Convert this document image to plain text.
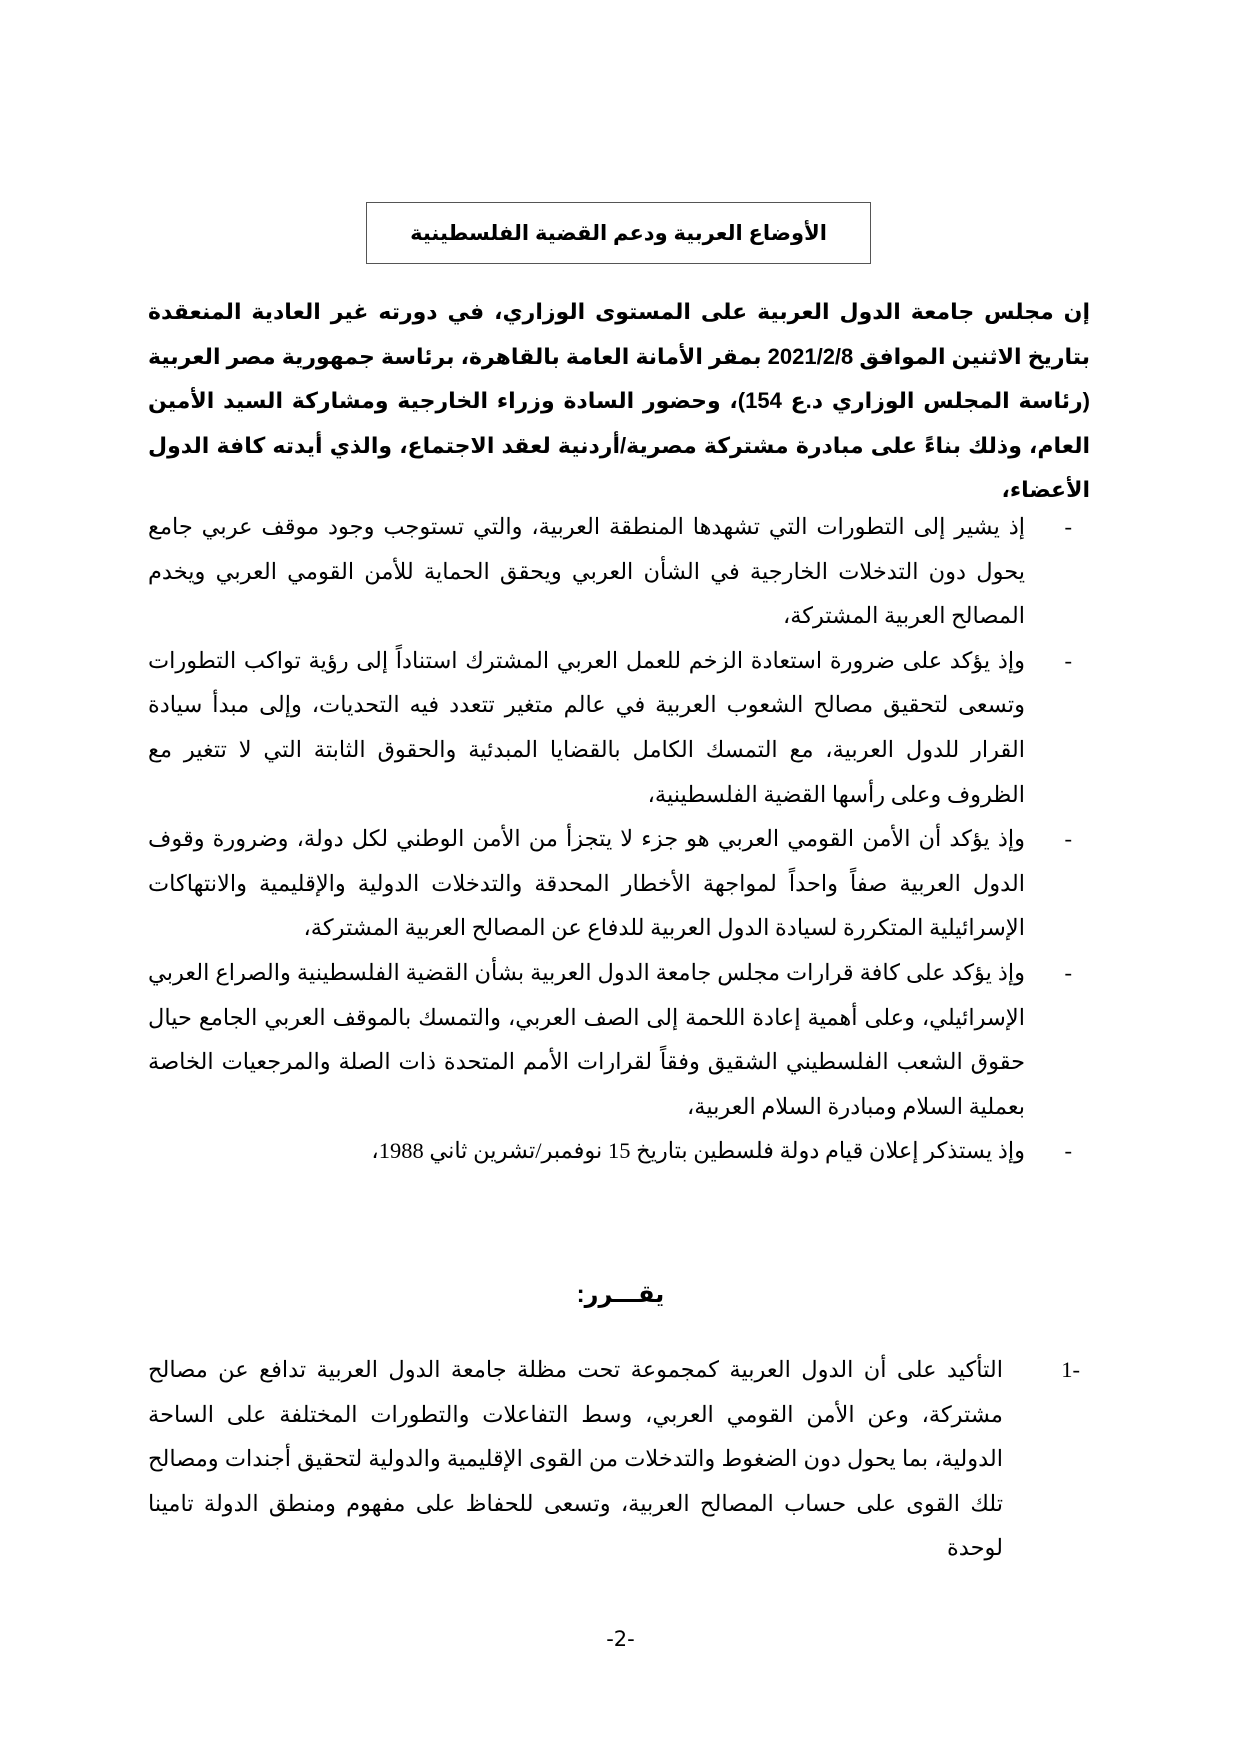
الأوضاع العربية ودعم القضية الفلسطينية
إن مجلس جامعة الدول العربية على المستوى الوزاري، في دورته غير العادية المنعقدة بتاريخ الاثنين الموافق 2021/2/8 بمقر الأمانة العامة بالقاهرة، برئاسة جمهورية مصر العربية (رئاسة المجلس الوزاري د.ع 154)، وحضور السادة وزراء الخارجية ومشاركة السيد الأمين العام، وذلك بناءً على مبادرة مشتركة مصرية/أردنية لعقد الاجتماع، والذي أيدته كافة الدول الأعضاء،
-
إذ يشير إلى التطورات التي تشهدها المنطقة العربية، والتي تستوجب وجود موقف عربي جامع يحول دون التدخلات الخارجية في الشأن العربي ويحقق الحماية للأمن القومي العربي ويخدم المصالح العربية المشتركة،
-
وإذ يؤكد على ضرورة استعادة الزخم للعمل العربي المشترك استناداً إلى رؤية تواكب التطورات وتسعى لتحقيق مصالح الشعوب العربية في عالم متغير تتعدد فيه التحديات، وإلى مبدأ سيادة القرار للدول العربية، مع التمسك الكامل بالقضايا المبدئية والحقوق الثابتة التي لا تتغير مع الظروف وعلى رأسها القضية الفلسطينية،
-
وإذ يؤكد أن الأمن القومي العربي هو جزء لا يتجزأ من الأمن الوطني لكل دولة، وضرورة وقوف الدول العربية صفاً واحداً لمواجهة الأخطار المحدقة والتدخلات الدولية والإقليمية والانتهاكات الإسرائيلية المتكررة لسيادة الدول العربية للدفاع عن المصالح العربية المشتركة،
-
وإذ يؤكد على كافة قرارات مجلس جامعة الدول العربية بشأن القضية الفلسطينية والصراع العربي الإسرائيلي، وعلى أهمية إعادة اللحمة إلى الصف العربي، والتمسك بالموقف العربي الجامع حيال حقوق الشعب الفلسطيني الشقيق وفقاً لقرارات الأمم المتحدة ذات الصلة والمرجعيات الخاصة بعملية السلام ومبادرة السلام العربية،
-
وإذ يستذكر إعلان قيام دولة فلسطين بتاريخ 15 نوفمبر/تشرين ثاني 1988،
يقـــرر:
1-
التأكيد على أن الدول العربية كمجموعة تحت مظلة جامعة الدول العربية تدافع عن مصالح مشتركة، وعن الأمن القومي العربي، وسط التفاعلات والتطورات المختلفة على الساحة الدولية، بما يحول دون الضغوط والتدخلات من القوى الإقليمية والدولية لتحقيق أجندات ومصالح تلك القوى على حساب المصالح العربية، وتسعى للحفاظ على مفهوم ومنطق الدولة تامينا لوحدة
-2-
